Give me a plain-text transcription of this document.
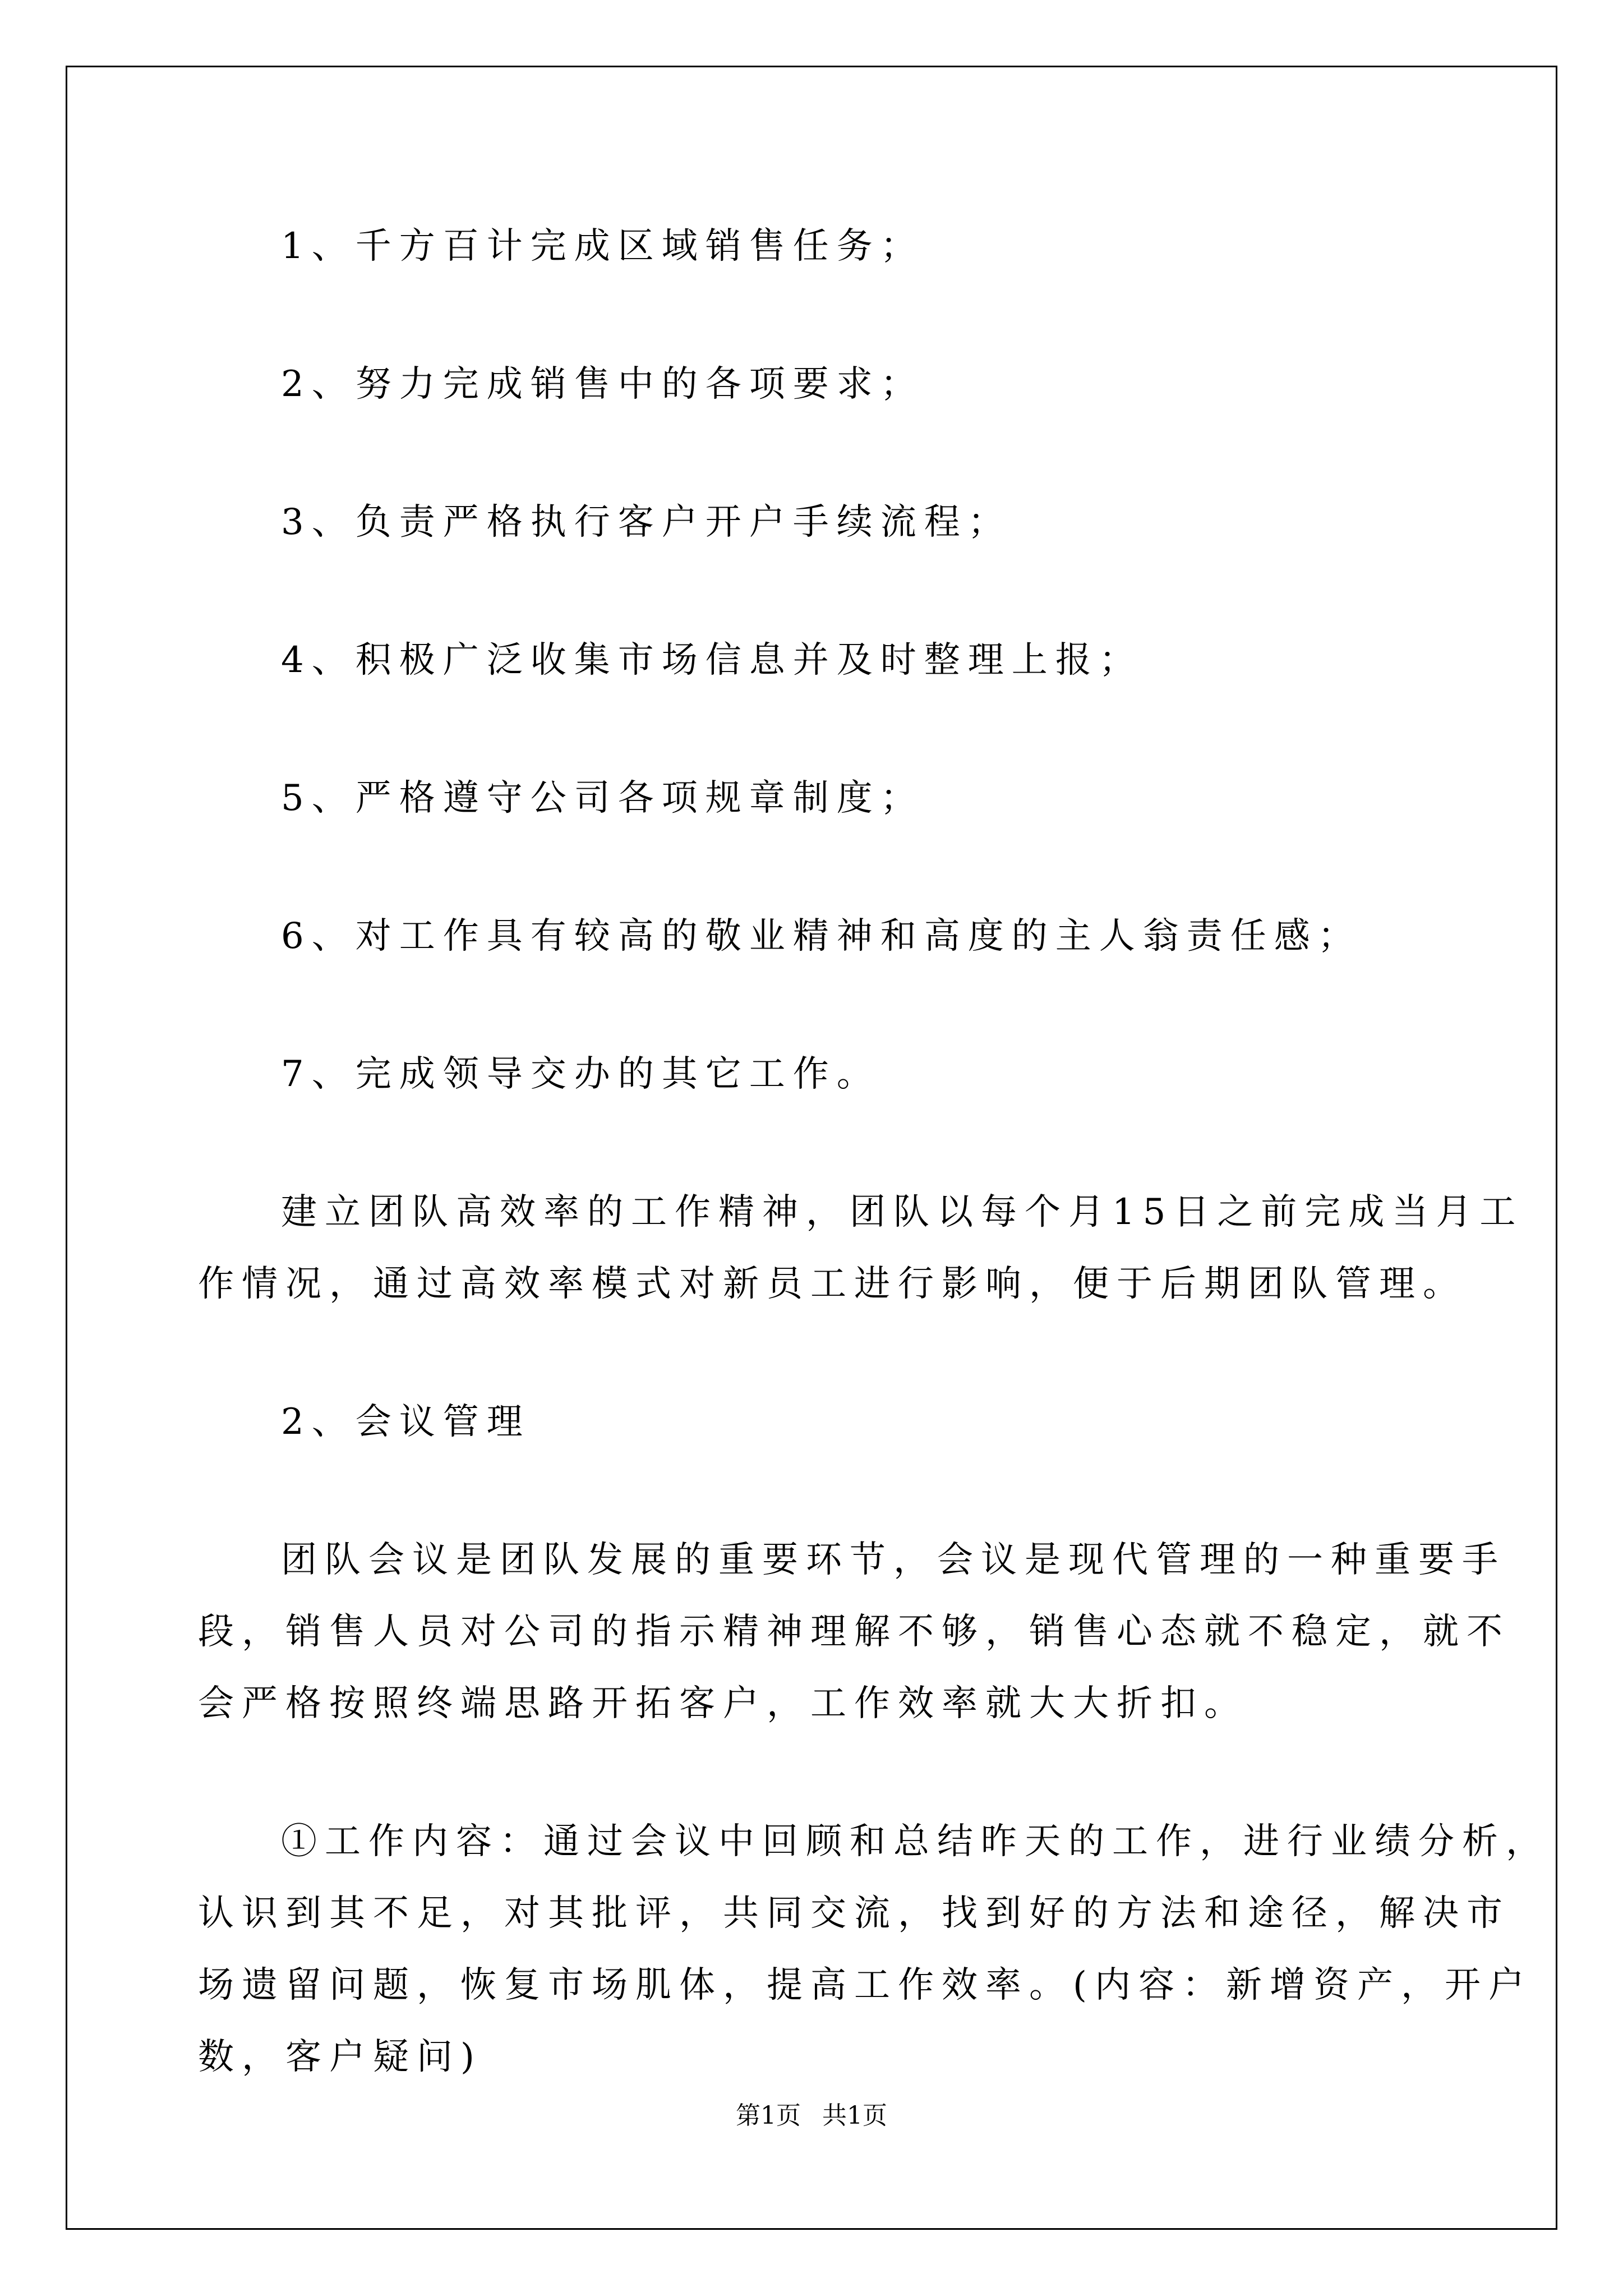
1、千方百计完成区域销售任务；
2、努力完成销售中的各项要求；
3、负责严格执行客户开户手续流程；
4、积极广泛收集市场信息并及时整理上报；
5、严格遵守公司各项规章制度；
6、对工作具有较高的敬业精神和高度的主人翁责任感；
7、完成领导交办的其它工作。
建立团队高效率的工作精神，团队以每个月15日之前完成当月工
作情况，通过高效率模式对新员工进行影响，便于后期团队管理。
2、会议管理
团队会议是团队发展的重要环节，会议是现代管理的一种重要手
段，销售人员对公司的指示精神理解不够，销售心态就不稳定，就不
会严格按照终端思路开拓客户，工作效率就大大折扣。
①工作内容：通过会议中回顾和总结昨天的工作，进行业绩分析，
认识到其不足，对其批评，共同交流，找到好的方法和途径，解决市
场遗留问题，恢复市场肌体，提高工作效率。(内容：新增资产，开户
数，客户疑问)
第1页 共1页
